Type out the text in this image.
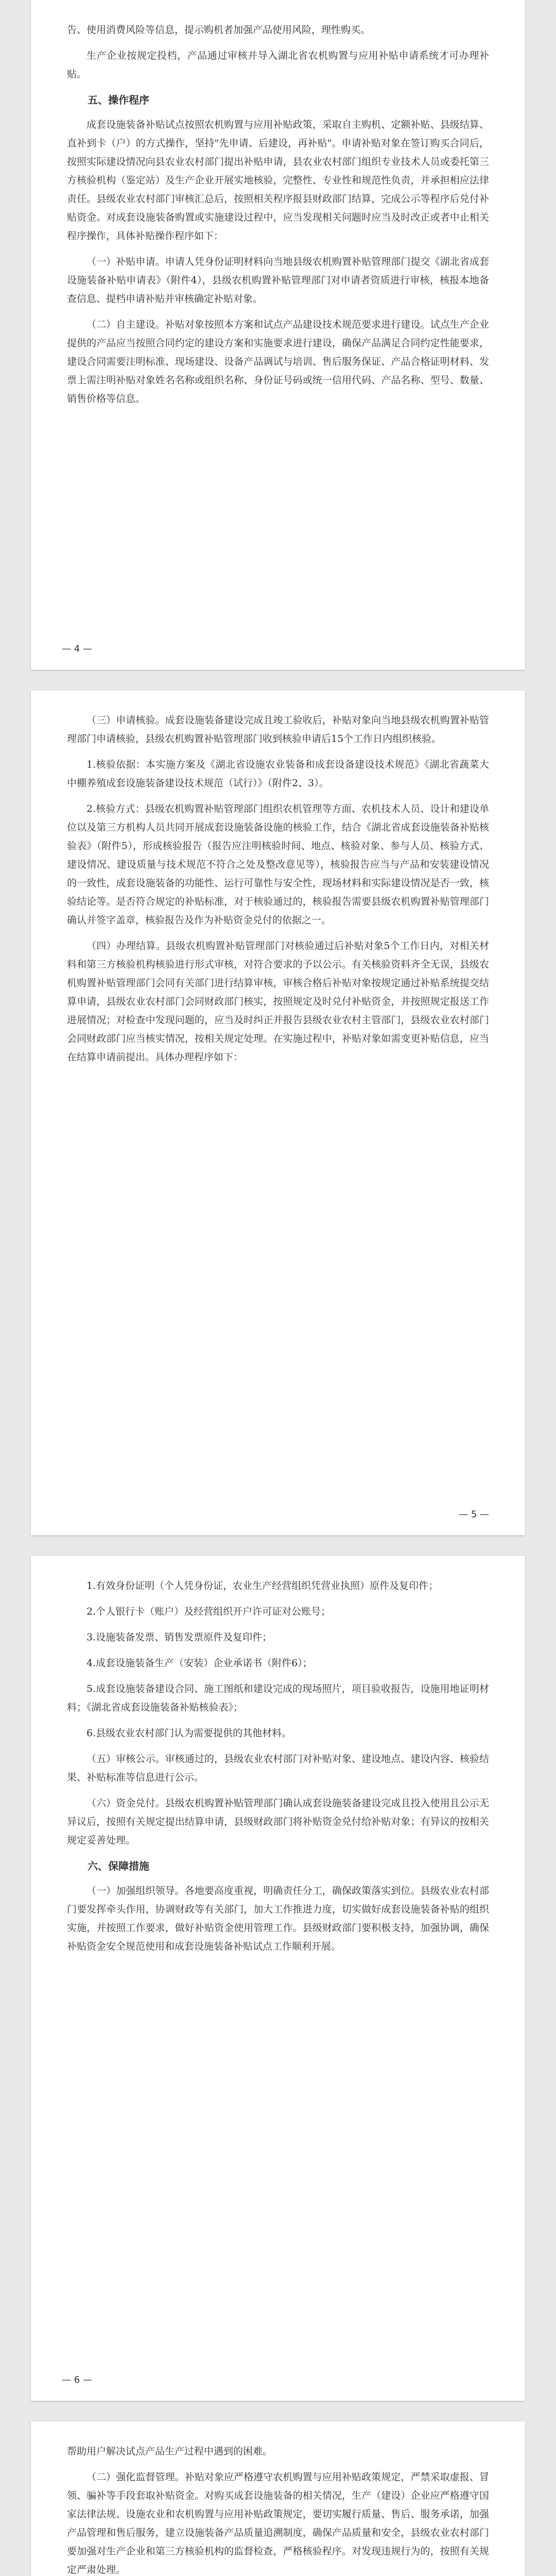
告、使用消费风险等信息，提示购机者加强产品使用风险，理性购买。

生产企业按规定投档，产品通过审核并导入湖北省农机购置与应用补贴申请系统才可办理补贴。

五、操作程序

成套设施装备补贴试点按照农机购置与应用补贴政策，采取自主购机、定额补贴、县级结算、直补到卡（户）的方式操作，坚持"先申请、后建设，再补贴"。申请补贴对象在签订购买合同后，按照实际建设情况向县农业农村部门提出补贴申请，县农业农村部门组织专业技术人员或委托第三方核验机构（鉴定站）及生产企业开展实地核验，完整性、专业性和规范性负责，并承担相应法律责任。县级农业农村部门审核汇总后，按照相关程序报县财政部门结算，完成公示等程序后兑付补贴资金。对成套设施装备购置或实施建设过程中，应当发现相关问题时应当及时改正或者中止相关程序操作，具体补贴操作程序如下：

（一）补贴申请。申请人凭身份证明材料向当地县级农机购置补贴管理部门提交《湖北省成套设施装备补贴申请表》（附件4），县级农机购置补贴管理部门对申请者资质进行审核，核报本地备查信息、提档申请补贴并审核确定补贴对象。

（二）自主建设。补贴对象按照本方案和试点产品建设技术规范要求进行建设。试点生产企业提供的产品应当按照合同约定的建设方案和实施要求进行建设，确保产品满足合同约定性能要求，建设合同需要注明标准、现场建设、设备产品调试与培训、售后服务保证、产品合格证明材料、发票上需注明补贴对象姓名名称或组织名称、身份证号码或统一信用代码、产品名称、型号、数量、销售价格等信息。

— 4 —

（三）申请核验。成套设施装备建设完成且竣工验收后，补贴对象向当地县级农机购置补贴管理部门申请核验，县级农机购置补贴管理部门收到核验申请后15个工作日内组织核验。

1.核验依据：本实施方案及《湖北省设施农业装备和成套设备建设技术规范》《湖北省蔬菜大中棚养殖成套设施装备建设技术规范（试行）》（附件2、3）。

2.核验方式：县级农机购置补贴管理部门组织农机管理等方面、农机技术人员、设计和建设单位以及第三方机构人员共同开展成套设施装备设施的核验工作，结合《湖北省成套设施装备补贴核验表》（附件5），形成核验报告（报告应注明核验时间、地点、核验对象、参与人员、核验方式、建设情况、建设质量与技术规范不符合之处及整改意见等），核验报告应当与产品和安装建设情况的一致性，成套设施装备的功能性、运行可靠性与安全性，现场材料和实际建设情况是否一致，核验结论等。是否符合规定的补贴标准，对于核验通过的，核验报告需要县级农机购置补贴管理部门确认并签字盖章，核验报告及作为补贴资金兑付的依据之一。

（四）办理结算。县级农机购置补贴管理部门对核验通过后补贴对象5个工作日内，对相关材料和第三方核验机构核验进行形式审核，对符合要求的予以公示。有关核验资料齐全无误，县级农机购置补贴管理部门会同有关部门进行结算审核，审核合格后补贴对象按规定通过补贴系统提交结算申请，县级农业农村部门会同财政部门核实，按照规定及时兑付补贴资金，并按照规定报送工作进展情况；对检查中发现问题的，应当及时纠正并报告县级农业农村主管部门，县级农业农村部门会同财政部门应当核实情况，按相关规定处理。在实施过程中，补贴对象如需变更补贴信息，应当在结算申请前提出。具体办理程序如下：

— 5 —

1.有效身份证明（个人凭身份证，农业生产经营组织凭营业执照）原件及复印件；

2.个人银行卡（账户）及经营组织开户许可证对公账号；

3.设施装备发票、销售发票原件及复印件；

4.成套设施装备生产（安装）企业承诺书（附件6）；

5.成套设施装备建设合同、施工图纸和建设完成的现场照片，项目验收报告，设施用地证明材料；《湖北省成套设施装备补贴核验表》；

6.县级农业农村部门认为需要提供的其他材料。

（五）审核公示。审核通过的，县级农业农村部门对补贴对象、建设地点、建设内容、核验结果、补贴标准等信息进行公示。

（六）资金兑付。县级农机购置补贴管理部门确认成套设施装备建设完成且投入使用且公示无异议后，按照有关规定提出结算申请，县级财政部门将补贴资金兑付给补贴对象；有异议的按相关规定妥善处理。

六、保障措施

（一）加强组织领导。各地要高度重视，明确责任分工，确保政策落实到位。县级农业农村部门要发挥牵头作用，协调财政等有关部门，加大工作推进力度，切实做好成套设施装备补贴的组织实施，并按照工作要求，做好补贴资金使用管理工作。县级财政部门要积极支持，加强协调，确保补贴资金安全规范使用和成套设施装备补贴试点工作顺利开展。

— 6 —

帮助用户解决试点产品生产过程中遇到的困难。

（二）强化监督管理。补贴对象应严格遵守农机购置与应用补贴政策规定，严禁采取虚报、冒领、骗补等手段套取补贴资金。对购买成套设施装备的相关情况，生产（建设）企业应严格遵守国家法律法规、设施农业和农机购置与应用补贴政策规定，要切实履行质量、售后、服务承诺，加强产品管理和售后服务，建立设施装备产品质量追溯制度，确保产品质量和安全，县级农业农村部门要加强对生产企业和第三方核验机构的监督检查，严格核验程序。对发现违规行为的，按照有关规定严肃处理。
